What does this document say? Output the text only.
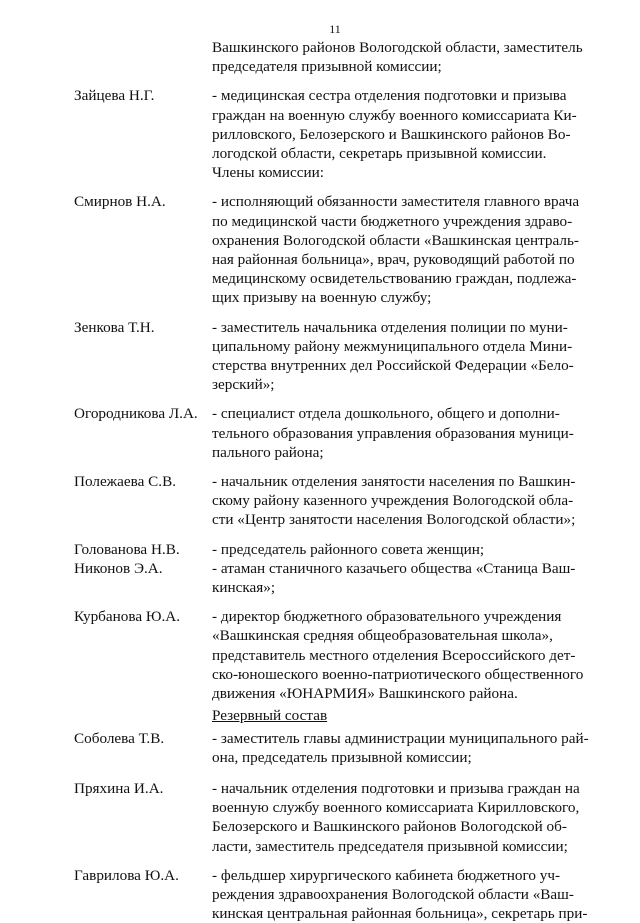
11
Вашкинского районов Вологодской области, заместитель
председателя призывной комиссии;
Зайцева Н.Г.	- медицинская сестра отделения подготовки и призыва
граждан на военную службу военного комиссариата Ки-
рилловского, Белозерского и Вашкинского районов Во-
логодской области, секретарь призывной комиссии.
Члены комиссии:
Смирнов Н.А.	- исполняющий обязанности заместителя главного врача
по медицинской части бюджетного учреждения здраво-
охранения Вологодской области «Вашкинская централь-
ная районная больница», врач, руководящий работой по
медицинскому освидетельствованию граждан, подлежа-
щих призыву на военную службу;
Зенкова Т.Н.	- заместитель начальника отделения полиции по муни-
ципальному району межмуниципального отдела Мини-
стерства внутренних дел Российской Федерации «Бело-
зерский»;
Огородникова Л.А. - специалист отдела дошкольного, общего и дополни-
тельного образования управления образования муници-
пального района;
Полежаева С.В.	- начальник отделения занятости населения по Вашкин-
скому району казенного учреждения Вологодской обла-
сти «Центр занятости населения Вологодской области»;
Голованова Н.В.	- председатель районного совета женщин;
Никонов Э.А.	- атаман станичного казачьего общества «Станица Ваш-
кинская»;
Курбанова Ю.А.	- директор бюджетного образовательного учреждения
«Вашкинская средняя общеобразовательная школа»,
представитель местного отделения Всероссийского дет-
ско-юношеского военно-патриотического общественного
движения «ЮНАРМИЯ» Вашкинского района.
Резервный состав
Соболева Т.В.	- заместитель главы администрации муниципального рай-
она, председатель призывной комиссии;
Пряхина И.А.	- начальник отделения подготовки и призыва граждан на
военную службу военного комиссариата Кирилловского,
Белозерского и Вашкинского районов Вологодской об-
ласти, заместитель председателя призывной комиссии;
Гаврилова Ю.А.	- фельдшер хирургического кабинета бюджетного уч-
реждения здравоохранения Вологодской области «Ваш-
кинская центральная районная больница», секретарь при-
